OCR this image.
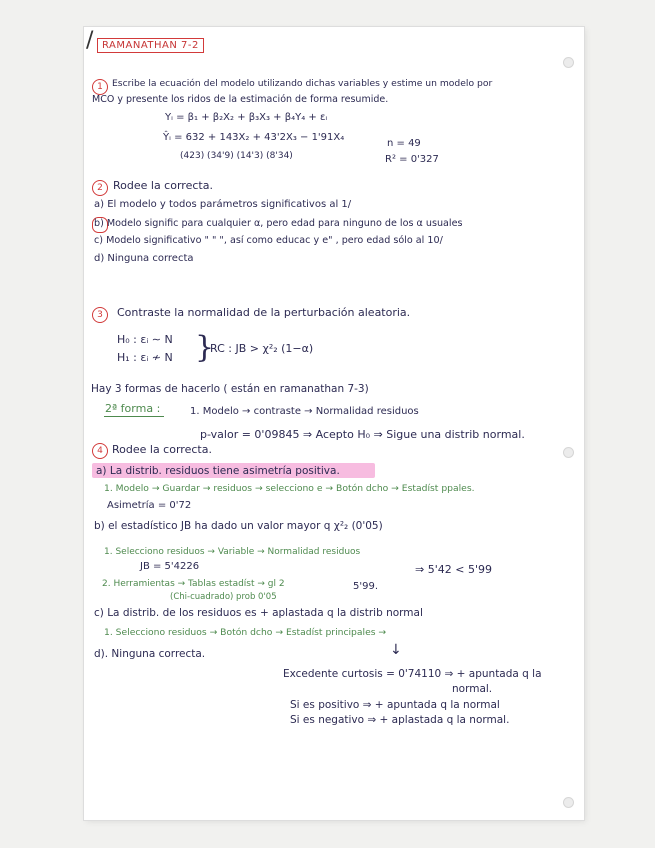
/ RAMANATHAN 7-2
1 Escribe la ecuación del modelo utilizando dichas variables y estime un modelo por
MCO y presente los ridos de la estimación de forma resumide.
Yᵢ = β₁ + β₂X₂ + β₃X₃ + β₄Y₄ + εᵢ
Ŷᵢ = 632 + 143X₂ + 43'2X₃ − 1'91X₄
(423) (34'9) (14'3) (8'34)
n = 49
R² = 0'327
2 Rodee la correcta.
a) El modelo y todos parámetros significativos al 1/
b) Modelo signific para cualquier α, pero edad para ninguno de los α usuales
c) Modelo significativo " " ", así como educac y e" , pero edad sólo al 10/
d) Ninguna correcta
3	Contraste la normalidad de la perturbación aleatoria.
H₀ : εᵢ ∼ N
H₁ : εᵢ ≁ N }
RC : JB > χ²₂ (1−α)
Hay 3 formas de hacerlo ( están en ramanathan 7-3)
2ª forma :	1. Modelo → contraste → Normalidad residuos
p-valor = 0'09845 ⇒ Acepto H₀ ⇒ Sigue una distrib normal.
4 Rodee la correcta.
a) La distrib. residuos tiene asimetría positiva.
1. Modelo → Guardar → residuos → selecciono e → Botón dcho → Estadíst ppales.
Asimetría = 0'72
b) el estadístico JB ha dado un valor mayor q χ²₂ (0'05)
1. Selecciono residuos → Variable → Normalidad residuos
JB = 5'4226
2. Herramientas → Tablas estadíst → gl 2
(Chi-cuadrado) prob 0'05
5'99.
⇒ 5'42 < 5'99
c) La distrib. de los residuos es + aplastada q la distrib normal
1. Selecciono residuos → Botón dcho → Estadíst principales →
d). Ninguna correcta.	↓
Excedente curtosis = 0'74110 ⇒ + apuntada q la
normal.
Si es positivo ⇒ + apuntada q la normal
Si es negativo ⇒ + aplastada q la normal.
